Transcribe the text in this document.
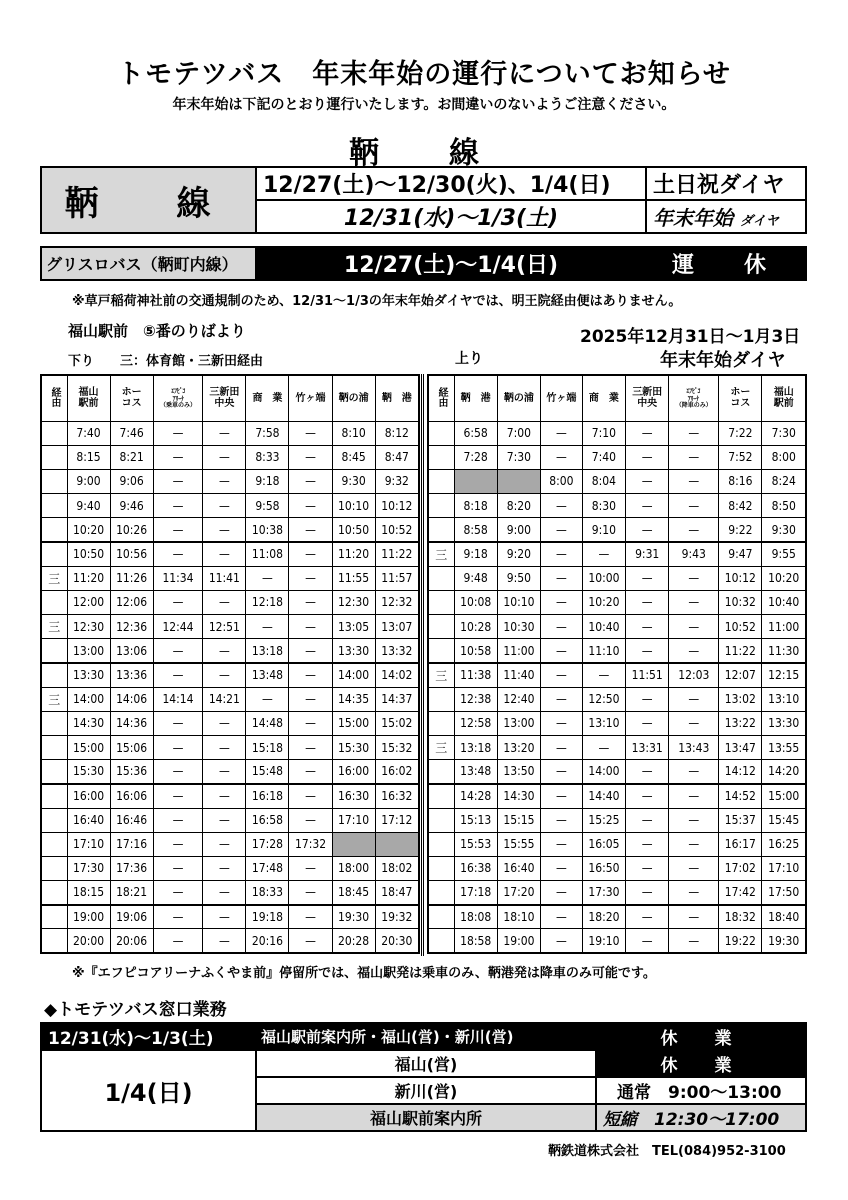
トモテツバス　年末年始の運行についてお知らせ
年末年始は下記のとおり運行いたします。お間違いのないようご注意ください。
鞆　線
鞆　線	12/27(土)～12/30(火)、1/4(日)	土日祝ダイヤ
	12/31(水)～1/3(土)	年末年始 ダイヤ
グリスロバス（鞆町内線）	12/27(土)～1/4(日)	運　休
※草戸稲荷神社前の交通規制のため、12/31～1/3の年末年始ダイヤでは、明王院経由便はありません。
福山駅前　⑤番のりばより	2025年12月31日～1月3日
下り　　三：体育館・三新田経由	上り	年末年始ダイヤ
経由	福山
駅前	ホー
コス	ｴﾌﾋﾟｺ
ｱﾘｰﾅ
（乗車のみ）	三新田
中央	商　業	竹ヶ端	鞆の浦	鞆　港
	7:40	7:46	—	—	7:58	—	8:10	8:12
	8:15	8:21	—	—	8:33	—	8:45	8:47
	9:00	9:06	—	—	9:18	—	9:30	9:32
	9:40	9:46	—	—	9:58	—	10:10	10:12
	10:20	10:26	—	—	10:38	—	10:50	10:52
	10:50	10:56	—	—	11:08	—	11:20	11:22
三	11:20	11:26	11:34	11:41	—	—	11:55	11:57
	12:00	12:06	—	—	12:18	—	12:30	12:32
三	12:30	12:36	12:44	12:51	—	—	13:05	13:07
	13:00	13:06	—	—	13:18	—	13:30	13:32
	13:30	13:36	—	—	13:48	—	14:00	14:02
三	14:00	14:06	14:14	14:21	—	—	14:35	14:37
	14:30	14:36	—	—	14:48	—	15:00	15:02
	15:00	15:06	—	—	15:18	—	15:30	15:32
	15:30	15:36	—	—	15:48	—	16:00	16:02
	16:00	16:06	—	—	16:18	—	16:30	16:32
	16:40	16:46	—	—	16:58	—	17:10	17:12
	17:10	17:16	—	—	17:28	17:32		
	17:30	17:36	—	—	17:48	—	18:00	18:02
	18:15	18:21	—	—	18:33	—	18:45	18:47
	19:00	19:06	—	—	19:18	—	19:30	19:32
	20:00	20:06	—	—	20:16	—	20:28	20:30
経由	鞆　港	鞆の浦	竹ヶ端	商　業	三新田
中央	ｴﾌﾋﾟｺ
ｱﾘｰﾅ
（降車のみ）	ホー
コス	福山
駅前
	6:58	7:00	—	7:10	—	—	7:22	7:30
	7:28	7:30	—	7:40	—	—	7:52	8:00
			8:00	8:04	—	—	8:16	8:24
	8:18	8:20	—	8:30	—	—	8:42	8:50
	8:58	9:00	—	9:10	—	—	9:22	9:30
三	9:18	9:20	—	—	9:31	9:43	9:47	9:55
	9:48	9:50	—	10:00	—	—	10:12	10:20
	10:08	10:10	—	10:20	—	—	10:32	10:40
	10:28	10:30	—	10:40	—	—	10:52	11:00
	10:58	11:00	—	11:10	—	—	11:22	11:30
三	11:38	11:40	—	—	11:51	12:03	12:07	12:15
	12:38	12:40	—	12:50	—	—	13:02	13:10
	12:58	13:00	—	13:10	—	—	13:22	13:30
三	13:18	13:20	—	—	13:31	13:43	13:47	13:55
	13:48	13:50	—	14:00	—	—	14:12	14:20
	14:28	14:30	—	14:40	—	—	14:52	15:00
	15:13	15:15	—	15:25	—	—	15:37	15:45
	15:53	15:55	—	16:05	—	—	16:17	16:25
	16:38	16:40	—	16:50	—	—	17:02	17:10
	17:18	17:20	—	17:30	—	—	17:42	17:50
	18:08	18:10	—	18:20	—	—	18:32	18:40
	18:58	19:00	—	19:10	—	—	19:22	19:30
※『エフピコアリーナふくやま前』停留所では、福山駅発は乗車のみ、鞆港発は降車のみ可能です。
◆トモテツバス窓口業務
12/31(水)～1/3(土)	福山駅前案内所・福山(営)・新川(営)	休　業
1/4(日)	福山(営)	休　業
	新川(営)	通常　9:00～13:00
	福山駅前案内所	短縮　12:30～17:00
鞆鉄道株式会社　TEL(084)952-3100
